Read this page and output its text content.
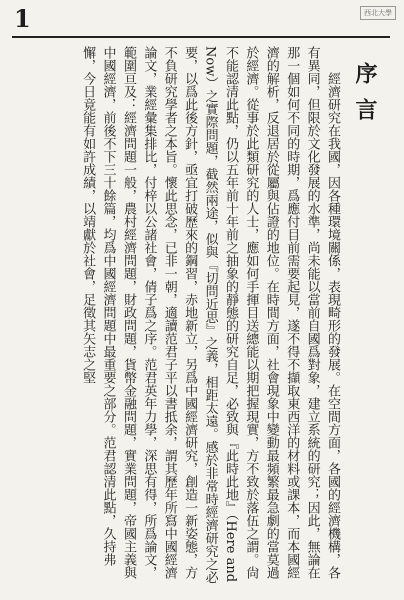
1	西北大學
序言

經濟研究在我國，因各種環境關係，表現畸形的發展。在空間方面，各國的經濟機構，各有異同，但限於文化發展的水準，尚未能以當前自國爲對象，建立系統的研究；因此，無論在那一個如何不同的時期，爲應付目前需要起見，遂不得不擷取東西洋的材料或課本，而本國經濟的解析，反退居於從屬與佔證的地位。在時間方面，社會現象中變動最頻繁最急劇的當莫過於經濟。從事於此類研究的人士，應如何手揮目送總能以期把握現實，方不致於落伍之謂。尙不能認清此點，仍以五年前十年前之抽象的靜態的研究自足，必致與『此時此地』（Here and Now）之實際問題，截然兩途，似與『切問近思』之義，相距太遠。感於非常時經濟研究之必要，以爲此後方針，亟宜打破歷來的鋼習，赤地新立，另爲中國經濟研究，創造一新姿態，方不負研究學者之本旨。懷此思念，已非一朝，適讀范君子平以書抵余，謂其歷年所寫中國經濟論文，業經彙集排比，付梓以公諸社會，倩子爲之序。范君英年力學，深思有得，所爲論文，範圍亘及：經濟問題一般，農村經濟問題，財政問題，貨幣金融問題，實業問題，帝國主義與中國經濟，前後不下三十餘篇，均爲中國經濟問題中最重要之部分。范君認清此點，久持弗懈，今日竟能有如許成績，以靖獻於社會，足徵其矢志之堅
